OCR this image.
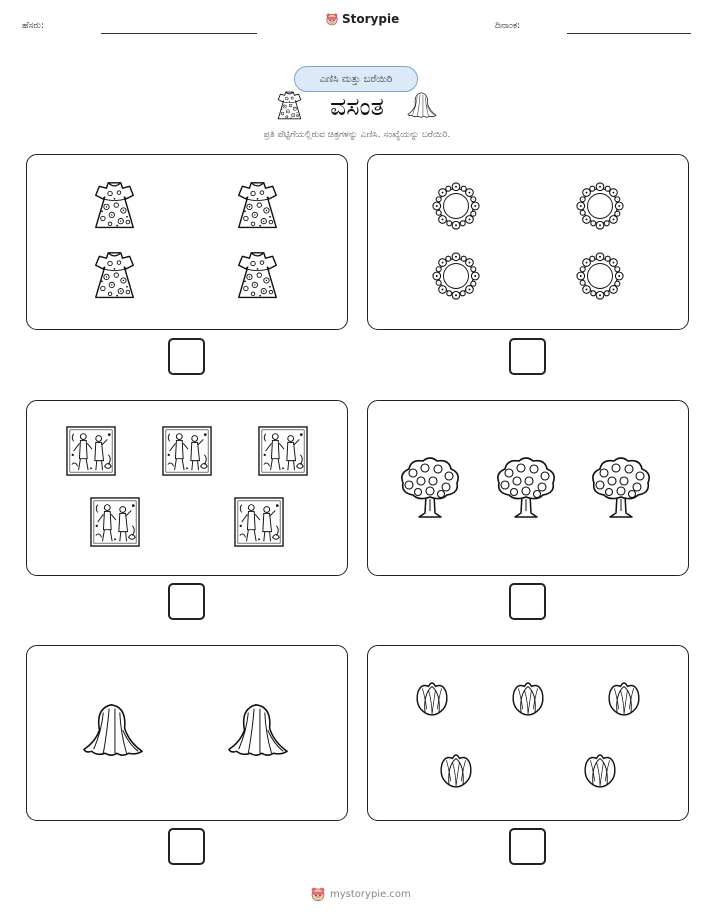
ಹೆಸರು:	Storypie	ದಿನಾಂಕ:
ಎಣಿಸಿ ಮತ್ತು ಬರೆಯಿರಿ
ವಸಂತ
ಪ್ರತಿ ಪೆಟ್ಟಿಗೆಯಲ್ಲಿರುವ ಚಿತ್ರಗಳನ್ನು ಎಣಿಸಿ. ಸಂಖ್ಯೆಯನ್ನು ಬರೆಯಿರಿ.
mystorypie.com
